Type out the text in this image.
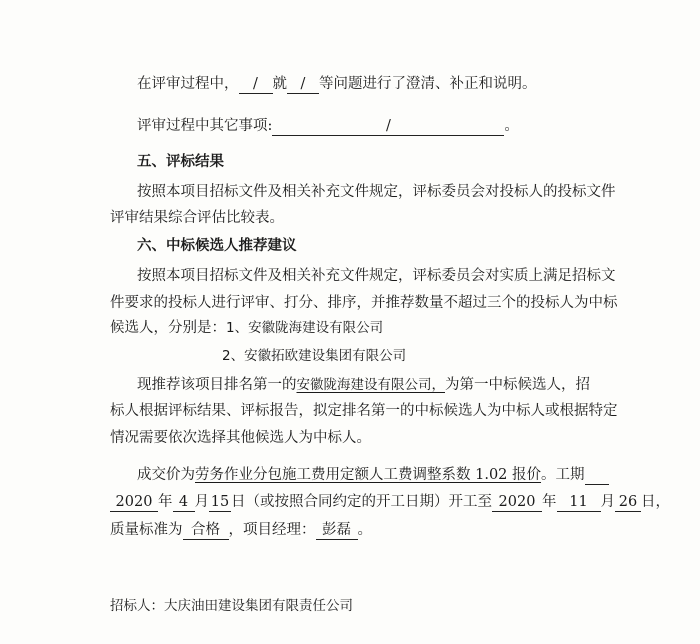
在评审过程中， / 就 / 等问题进行了澄清、补正和说明。
评审过程中其它事项:	/	。
五、评标结果
按照本项目招标文件及相关补充文件规定，评标委员会对投标人的投标文件
评审结果综合评估比较表。
六、中标候选人推荐建议
按照本项目招标文件及相关补充文件规定，评标委员会对实质上满足招标文
件要求的投标人进行评审、打分、排序，并推荐数量不超过三个的投标人为中标
候选人，分别是：1、安徽陇海建设有限公司
2、安徽拓欧建设集团有限公司
现推荐该项目排名第一的安徽陇海建设有限公司，为第一中标候选人，招
标人根据评标结果、评标报告，拟定排名第一的中标候选人为中标人或根据特定
情况需要依次选择其他候选人为中标人。
成交价为劳务作业分包施工费用定额人工费调整系数 1.02 报价。工期
2020 年 4 月 15 日（或按照合同约定的开工日期）开工至 2020 年 11 月 26 日，
质量标准为 合格 ，项目经理： 彭磊 。
招标人：大庆油田建设集团有限责任公司
